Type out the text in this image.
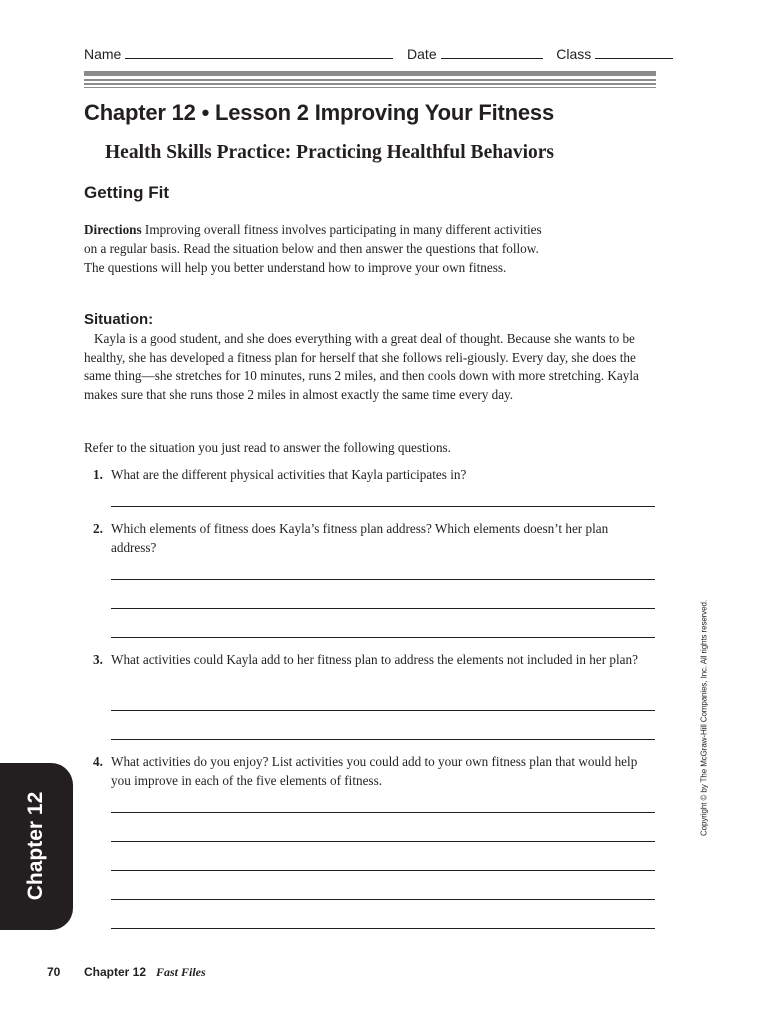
Name	Date	Class
Chapter 12 • Lesson 2 Improving Your Fitness
Health Skills Practice: Practicing Healthful Behaviors
Getting Fit
Directions Improving overall fitness involves participating in many different activities on a regular basis. Read the situation below and then answer the questions that follow. The questions will help you better understand how to improve your own fitness.
Situation:
Kayla is a good student, and she does everything with a great deal of thought. Because she wants to be healthy, she has developed a fitness plan for herself that she follows reli-giously. Every day, she does the same thing—she stretches for 10 minutes, runs 2 miles, and then cools down with more stretching. Kayla makes sure that she runs those 2 miles in almost exactly the same time every day.
Refer to the situation you just read to answer the following questions.
1. What are the different physical activities that Kayla participates in?
2. Which elements of fitness does Kayla’s fitness plan address? Which elements doesn’t her plan address?
3. What activities could Kayla add to her fitness plan to address the elements not included in her plan?
4. What activities do you enjoy? List activities you could add to your own fitness plan that would help you improve in each of the five elements of fitness.
Chapter 12
Copyright © by The McGraw-Hill Companies, Inc. All rights reserved.
70 Chapter 12 Fast Files
